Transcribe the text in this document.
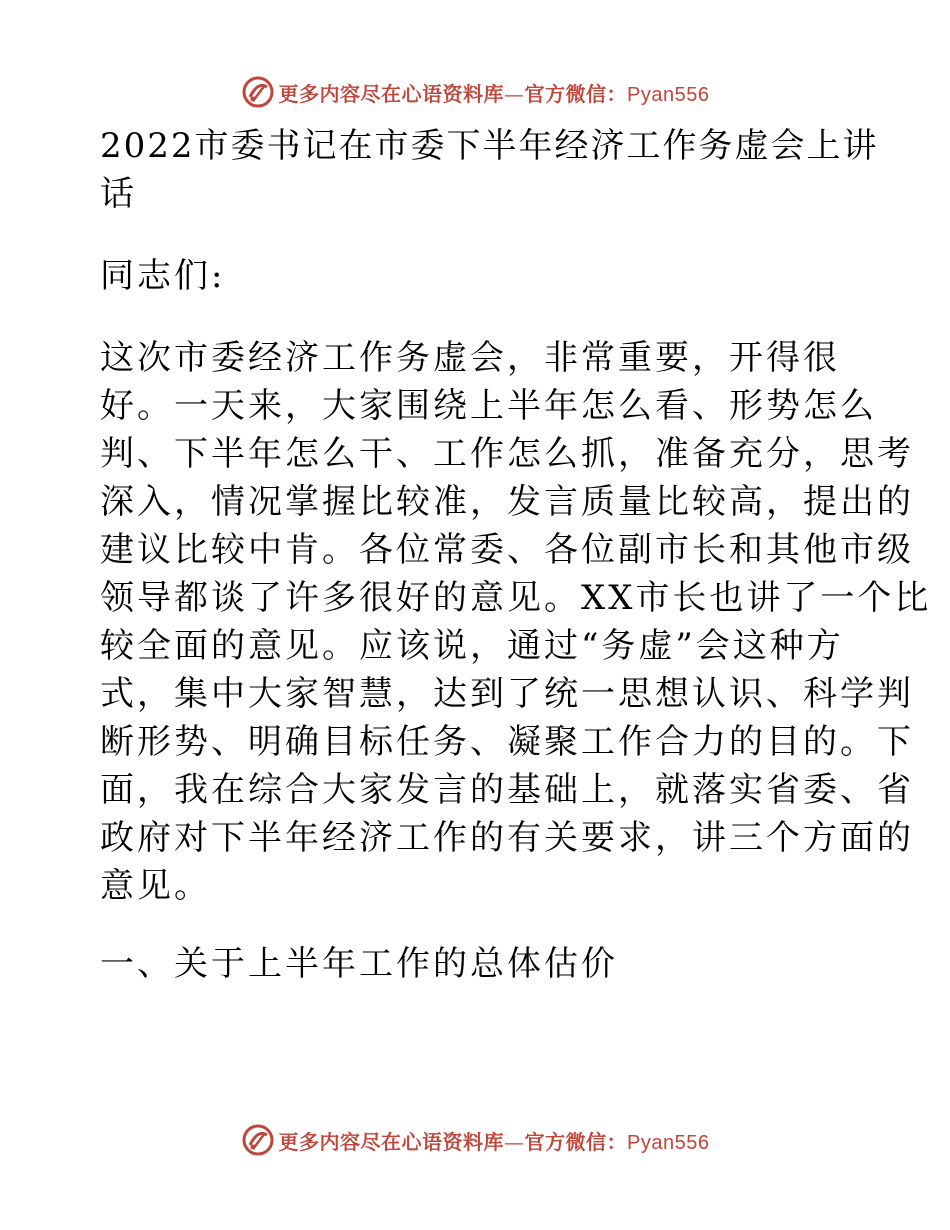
更多内容尽在心语资料库—官方微信：Pyan556
2022市委书记在市委下半年经济工作务虚会上讲
话
同志们:
这次市委经济工作务虚会，非常重要，开得很
好。一天来，大家围绕上半年怎么看、形势怎么
判、下半年怎么干、工作怎么抓，准备充分，思考
深入，情况掌握比较准，发言质量比较高，提出的
建议比较中肯。各位常委、各位副市长和其他市级
领导都谈了许多很好的意见。XX市长也讲了一个比
较全面的意见。应该说，通过“务虚”会这种方
式，集中大家智慧，达到了统一思想认识、科学判
断形势、明确目标任务、凝聚工作合力的目的。下
面，我在综合大家发言的基础上，就落实省委、省
政府对下半年经济工作的有关要求，讲三个方面的
意见。
一、关于上半年工作的总体估价
更多内容尽在心语资料库—官方微信：Pyan556
